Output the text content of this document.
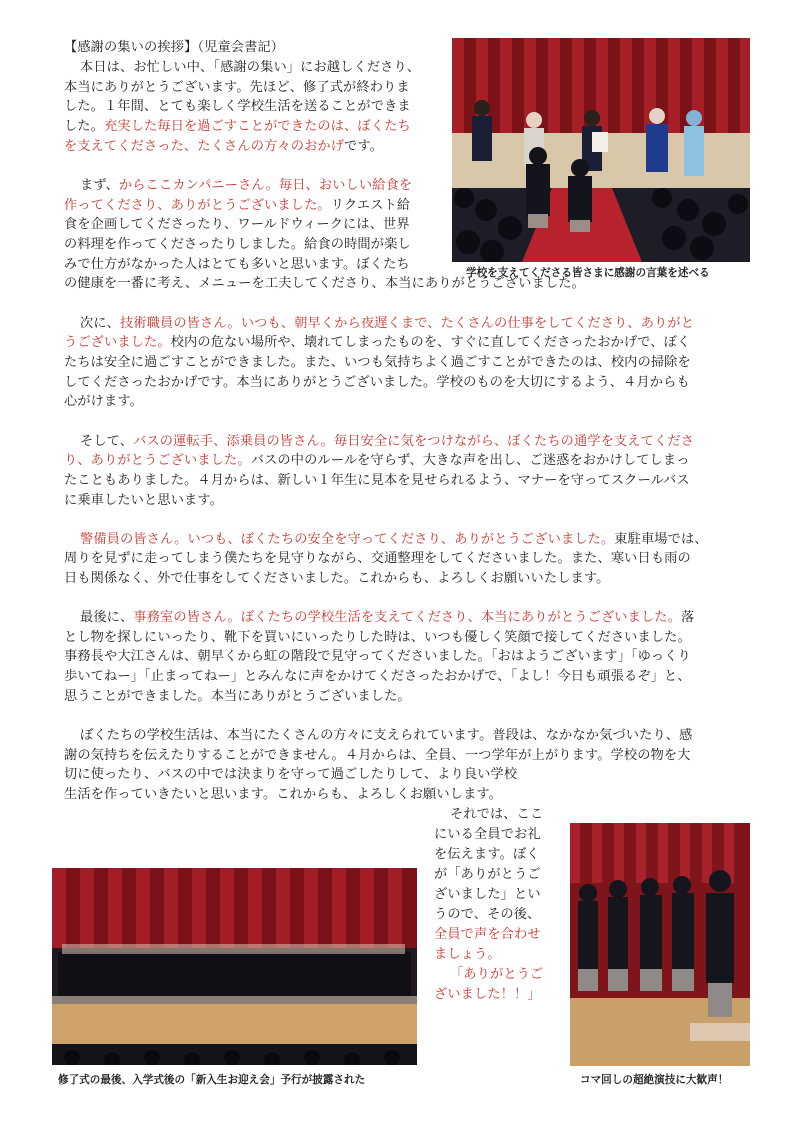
【感謝の集いの挨拶】（児童会書記）
本日は、お忙しい中、「感謝の集い」にお越しくださり、
本当にありがとうございます。先ほど、修了式が終わりま
した。１年間、とても楽しく学校生活を送ることができま
した。充実した毎日を過ごすことができたのは、ぼくたち
を支えてくださった、たくさんの方々のおかげです。
まず、からここカンパニーさん。毎日、おいしい給食を
作ってくださり、ありがとうございました。リクエスト給
食を企画してくださったり、ワールドウィークには、世界
の料理を作ってくださったりしました。給食の時間が楽し
みで仕方がなかった人はとても多いと思います。ぼくたち
の健康を一番に考え、メニューを工夫してくださり、本当にありがとうございました。
次に、技術職員の皆さん。いつも、朝早くから夜遅くまで、たくさんの仕事をしてくださり、ありがと
うございました。校内の危ない場所や、壊れてしまったものを、すぐに直してくださったおかげで、ぼく
たちは安全に過ごすことができました。また、いつも気持ちよく過ごすことができたのは、校内の掃除を
してくださったおかげです。本当にありがとうございました。学校のものを大切にするよう、４月からも
心がけます。
そして、バスの運転手、添乗員の皆さん。毎日安全に気をつけながら、ぼくたちの通学を支えてくださ
り、ありがとうございました。バスの中のルールを守らず、大きな声を出し、ご迷惑をおかけしてしまっ
たこともありました。４月からは、新しい１年生に見本を見せられるよう、マナーを守ってスクールバス
に乗車したいと思います。
警備員の皆さん。いつも、ぼくたちの安全を守ってくださり、ありがとうございました。東駐車場では、
周りを見ずに走ってしまう僕たちを見守りながら、交通整理をしてくださいました。また、寒い日も雨の
日も関係なく、外で仕事をしてくださいました。これからも、よろしくお願いいたします。
最後に、事務室の皆さん。ぼくたちの学校生活を支えてくださり、本当にありがとうございました。落
とし物を探しにいったり、靴下を買いにいったりした時は、いつも優しく笑顔で接してくださいました。
事務長や大江さんは、朝早くから虹の階段で見守ってくださいました。「おはようございます」「ゆっくり
歩いてねー」「止まってねー」とみんなに声をかけてくださったおかげで、「よし！今日も頑張るぞ」と、
思うことができました。本当にありがとうございました。
ぼくたちの学校生活は、本当にたくさんの方々に支えられています。普段は、なかなか気づいたり、感
謝の気持ちを伝えたりすることができません。４月からは、全員、一つ学年が上がります。学校の物を大
切に使ったり、バスの中では決まりを守って過ごしたりして、より良い学校
生活を作っていきたいと思います。これからも、よろしくお願いします。
それでは、ここ
にいる全員でお礼
を伝えます。ぼく
が「ありがとうご
ざいました」とい
うので、その後、
全員で声を合わせ
ましょう。
「ありがとうご
ざいました！！」
学校を支えてくださる皆さまに感謝の言葉を述べる
修了式の最後、入学式後の「新入生お迎え会」予行が披露された	コマ回しの超絶演技に大歓声！
